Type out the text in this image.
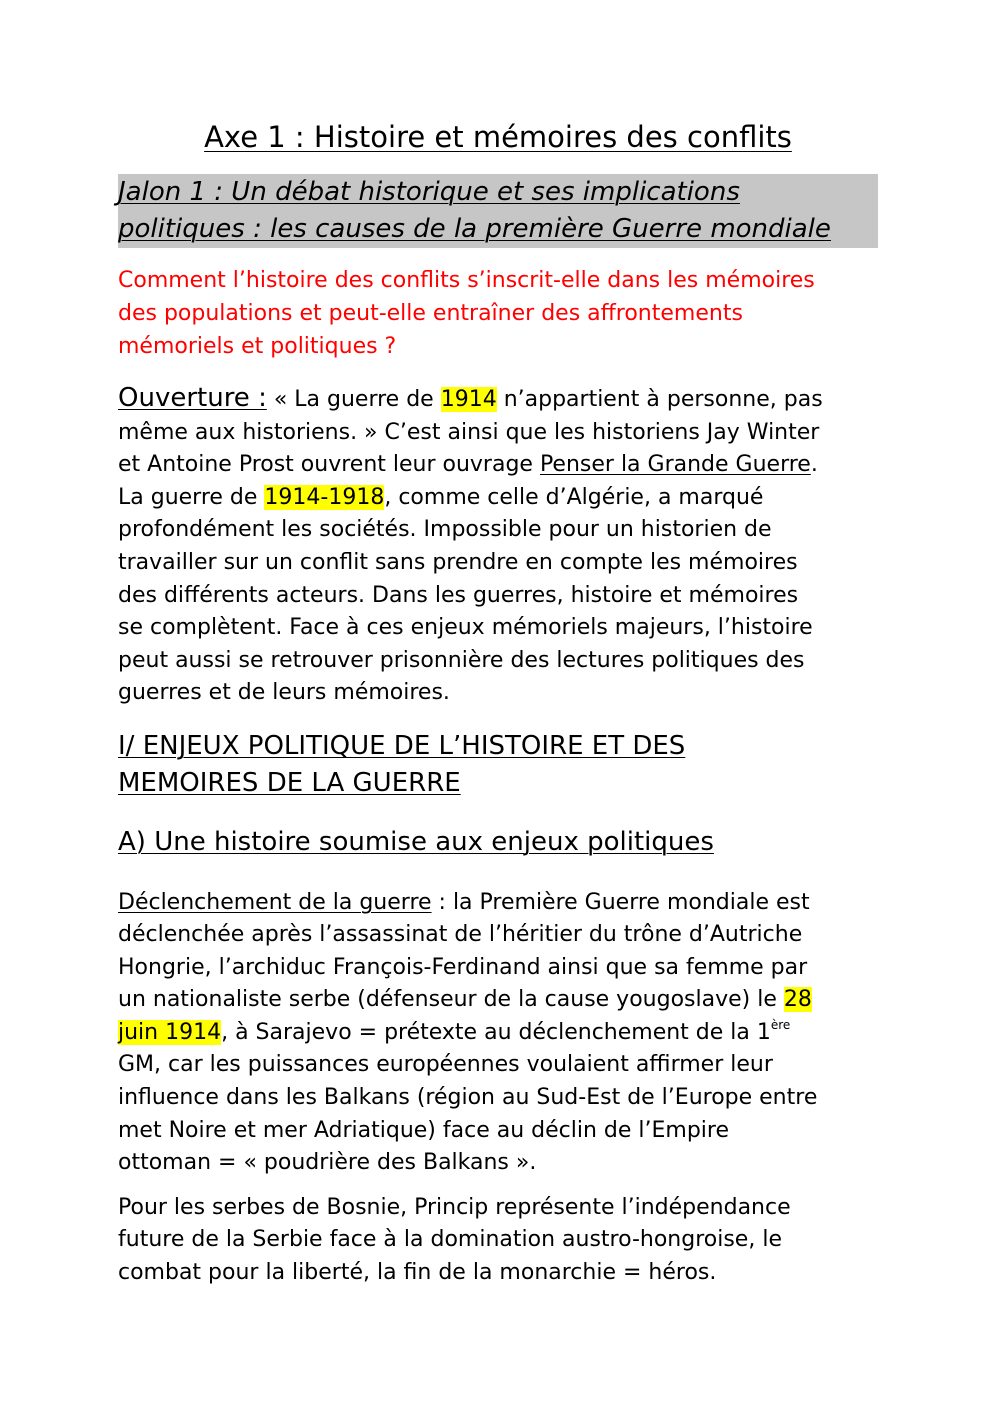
Axe 1 : Histoire et mémoires des conflits
Jalon 1 : Un débat historique et ses implications
politiques : les causes de la première Guerre mondiale
Comment l’histoire des conflits s’inscrit-elle dans les mémoires
des populations et peut-elle entraîner des affrontements
mémoriels et politiques ?
Ouverture : « La guerre de 1914 n’appartient à personne, pas
même aux historiens. » C’est ainsi que les historiens Jay Winter
et Antoine Prost ouvrent leur ouvrage Penser la Grande Guerre.
La guerre de 1914-1918, comme celle d’Algérie, a marqué
profondément les sociétés. Impossible pour un historien de
travailler sur un conflit sans prendre en compte les mémoires
des différents acteurs. Dans les guerres, histoire et mémoires
se complètent. Face à ces enjeux mémoriels majeurs, l’histoire
peut aussi se retrouver prisonnière des lectures politiques des
guerres et de leurs mémoires.
I/ ENJEUX POLITIQUE DE L’HISTOIRE ET DES
MEMOIRES DE LA GUERRE
A) Une histoire soumise aux enjeux politiques
Déclenchement de la guerre : la Première Guerre mondiale est
déclenchée après l’assassinat de l’héritier du trône d’Autriche
Hongrie, l’archiduc François-Ferdinand ainsi que sa femme par
un nationaliste serbe (défenseur de la cause yougoslave) le 28
juin 1914, à Sarajevo = prétexte au déclenchement de la 1ère
GM, car les puissances européennes voulaient affirmer leur
influence dans les Balkans (région au Sud-Est de l’Europe entre
met Noire et mer Adriatique) face au déclin de l’Empire
ottoman = « poudrière des Balkans ».
Pour les serbes de Bosnie, Princip représente l’indépendance
future de la Serbie face à la domination austro-hongroise, le
combat pour la liberté, la fin de la monarchie = héros.
